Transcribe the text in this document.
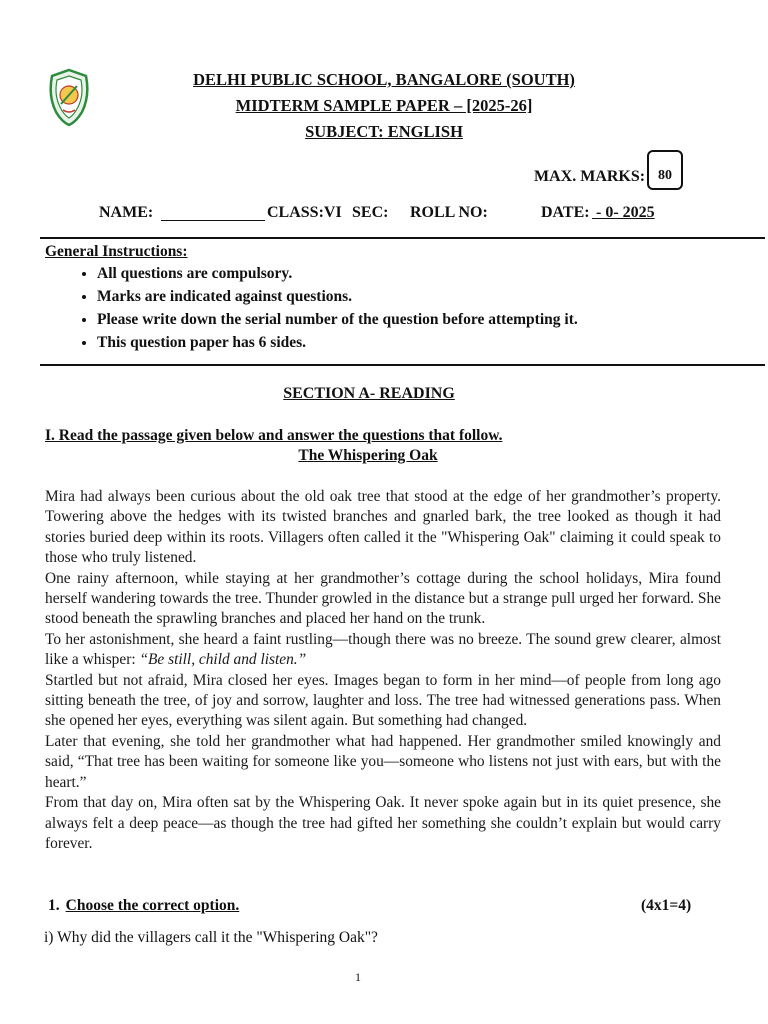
DELHI PUBLIC SCHOOL, BANGALORE (SOUTH)
MIDTERM SAMPLE PAPER – [2025-26]
SUBJECT: ENGLISH
MAX. MARKS: 80
NAME:	CLASS:VI SEC: ROLL NO:	DATE: - 0- 2025
General Instructions:
• All questions are compulsory.
• Marks are indicated against questions.
• Please write down the serial number of the question before attempting it.
• This question paper has 6 sides.
SECTION A- READING
I. Read the passage given below and answer the questions that follow.
The Whispering Oak

Mira had always been curious about the old oak tree that stood at the edge of her grandmother’s property. Towering above the hedges with its twisted branches and gnarled bark, the tree looked as though it had stories buried deep within its roots. Villagers often called it the "Whispering Oak" claiming it could speak to those who truly listened.

One rainy afternoon, while staying at her grandmother’s cottage during the school holidays, Mira found herself wandering towards the tree. Thunder growled in the distance but a strange pull urged her forward. She stood beneath the sprawling branches and placed her hand on the trunk.

To her astonishment, she heard a faint rustling—though there was no breeze. The sound grew clearer, almost like a whisper: “Be still, child and listen.”

Startled but not afraid, Mira closed her eyes. Images began to form in her mind—of people from long ago sitting beneath the tree, of joy and sorrow, laughter and loss. The tree had witnessed generations pass. When she opened her eyes, everything was silent again. But something had changed.

Later that evening, she told her grandmother what had happened. Her grandmother smiled knowingly and said, “That tree has been waiting for someone like you—someone who listens not just with ears, but with the heart.”

From that day on, Mira often sat by the Whispering Oak. It never spoke again but in its quiet presence, she always felt a deep peace—as though the tree had gifted her something she couldn’t explain but would carry forever.

1. Choose the correct option.	(4x1=4)
i) Why did the villagers call it the "Whispering Oak"?
1
